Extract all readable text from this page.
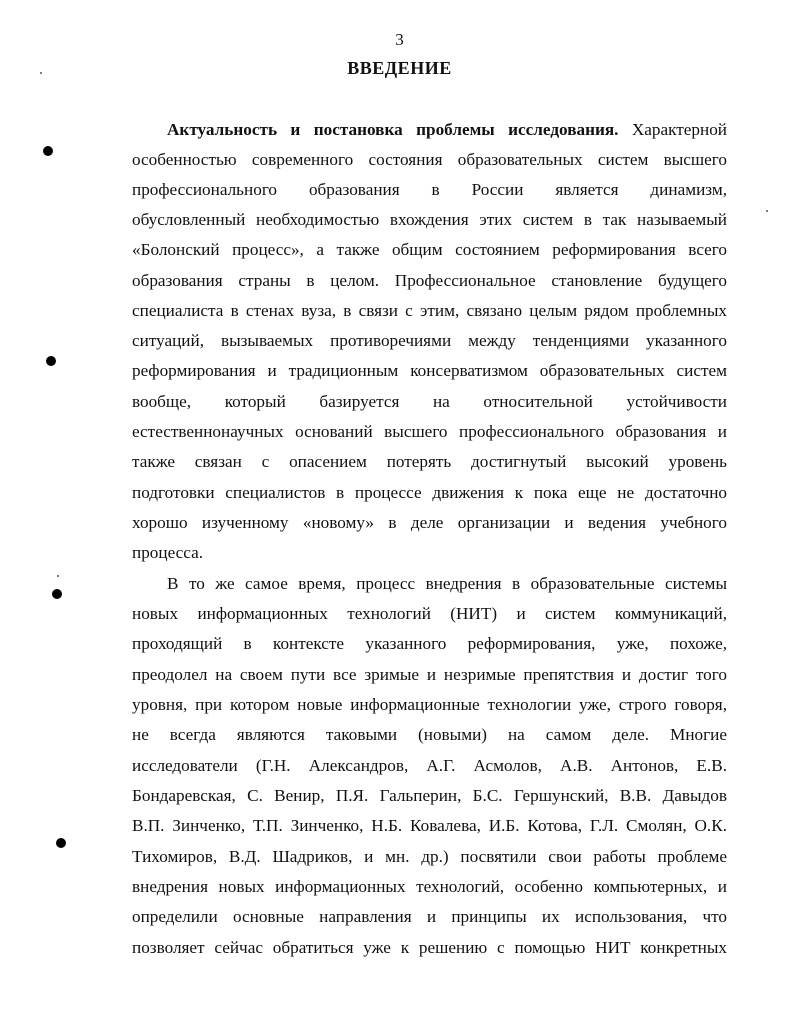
3
ВВЕДЕНИЕ
Актуальность и постановка проблемы исследования. Характерной
особенностью современного состояния образовательных систем высшего
профессионального образования в России является динамизм,
обусловленный необходимостью вхождения этих систем в так называемый
«Болонский процесс», а также общим состоянием реформирования всего
образования страны в целом. Профессиональное становление будущего
специалиста в стенах вуза, в связи с этим, связано целым рядом проблемных
ситуаций, вызываемых противоречиями между тенденциями указанного
реформирования и традиционным консерватизмом образовательных систем
вообще, который базируется на относительной устойчивости
естественнонаучных оснований высшего профессионального образования и
также связан с опасением потерять достигнутый высокий уровень
подготовки специалистов в процессе движения к пока еще не достаточно
хорошо изученному «новому» в деле организации и ведения учебного
процесса.
В то же самое время, процесс внедрения в образовательные системы
новых информационных технологий (НИТ) и систем коммуникаций,
проходящий в контексте указанного реформирования, уже, похоже,
преодолел на своем пути все зримые и незримые препятствия и достиг того
уровня, при котором новые информационные технологии уже, строго говоря,
не всегда являются таковыми (новыми) на самом деле. Многие
исследователи (Г.Н. Александров, А.Г. Асмолов, А.В. Антонов, Е.В.
Бондаревская, С. Венир, П.Я. Гальперин, Б.С. Гершунский, В.В. Давыдов
В.П. Зинченко, Т.П. Зинченко, Н.Б. Ковалева, И.Б. Котова, Г.Л. Смолян, О.К.
Тихомиров, В.Д. Шадриков, и мн. др.) посвятили свои работы проблеме
внедрения новых информационных технологий, особенно компьютерных, и
определили основные направления и принципы их использования, что
позволяет сейчас обратиться уже к решению с помощью НИТ конкретных
